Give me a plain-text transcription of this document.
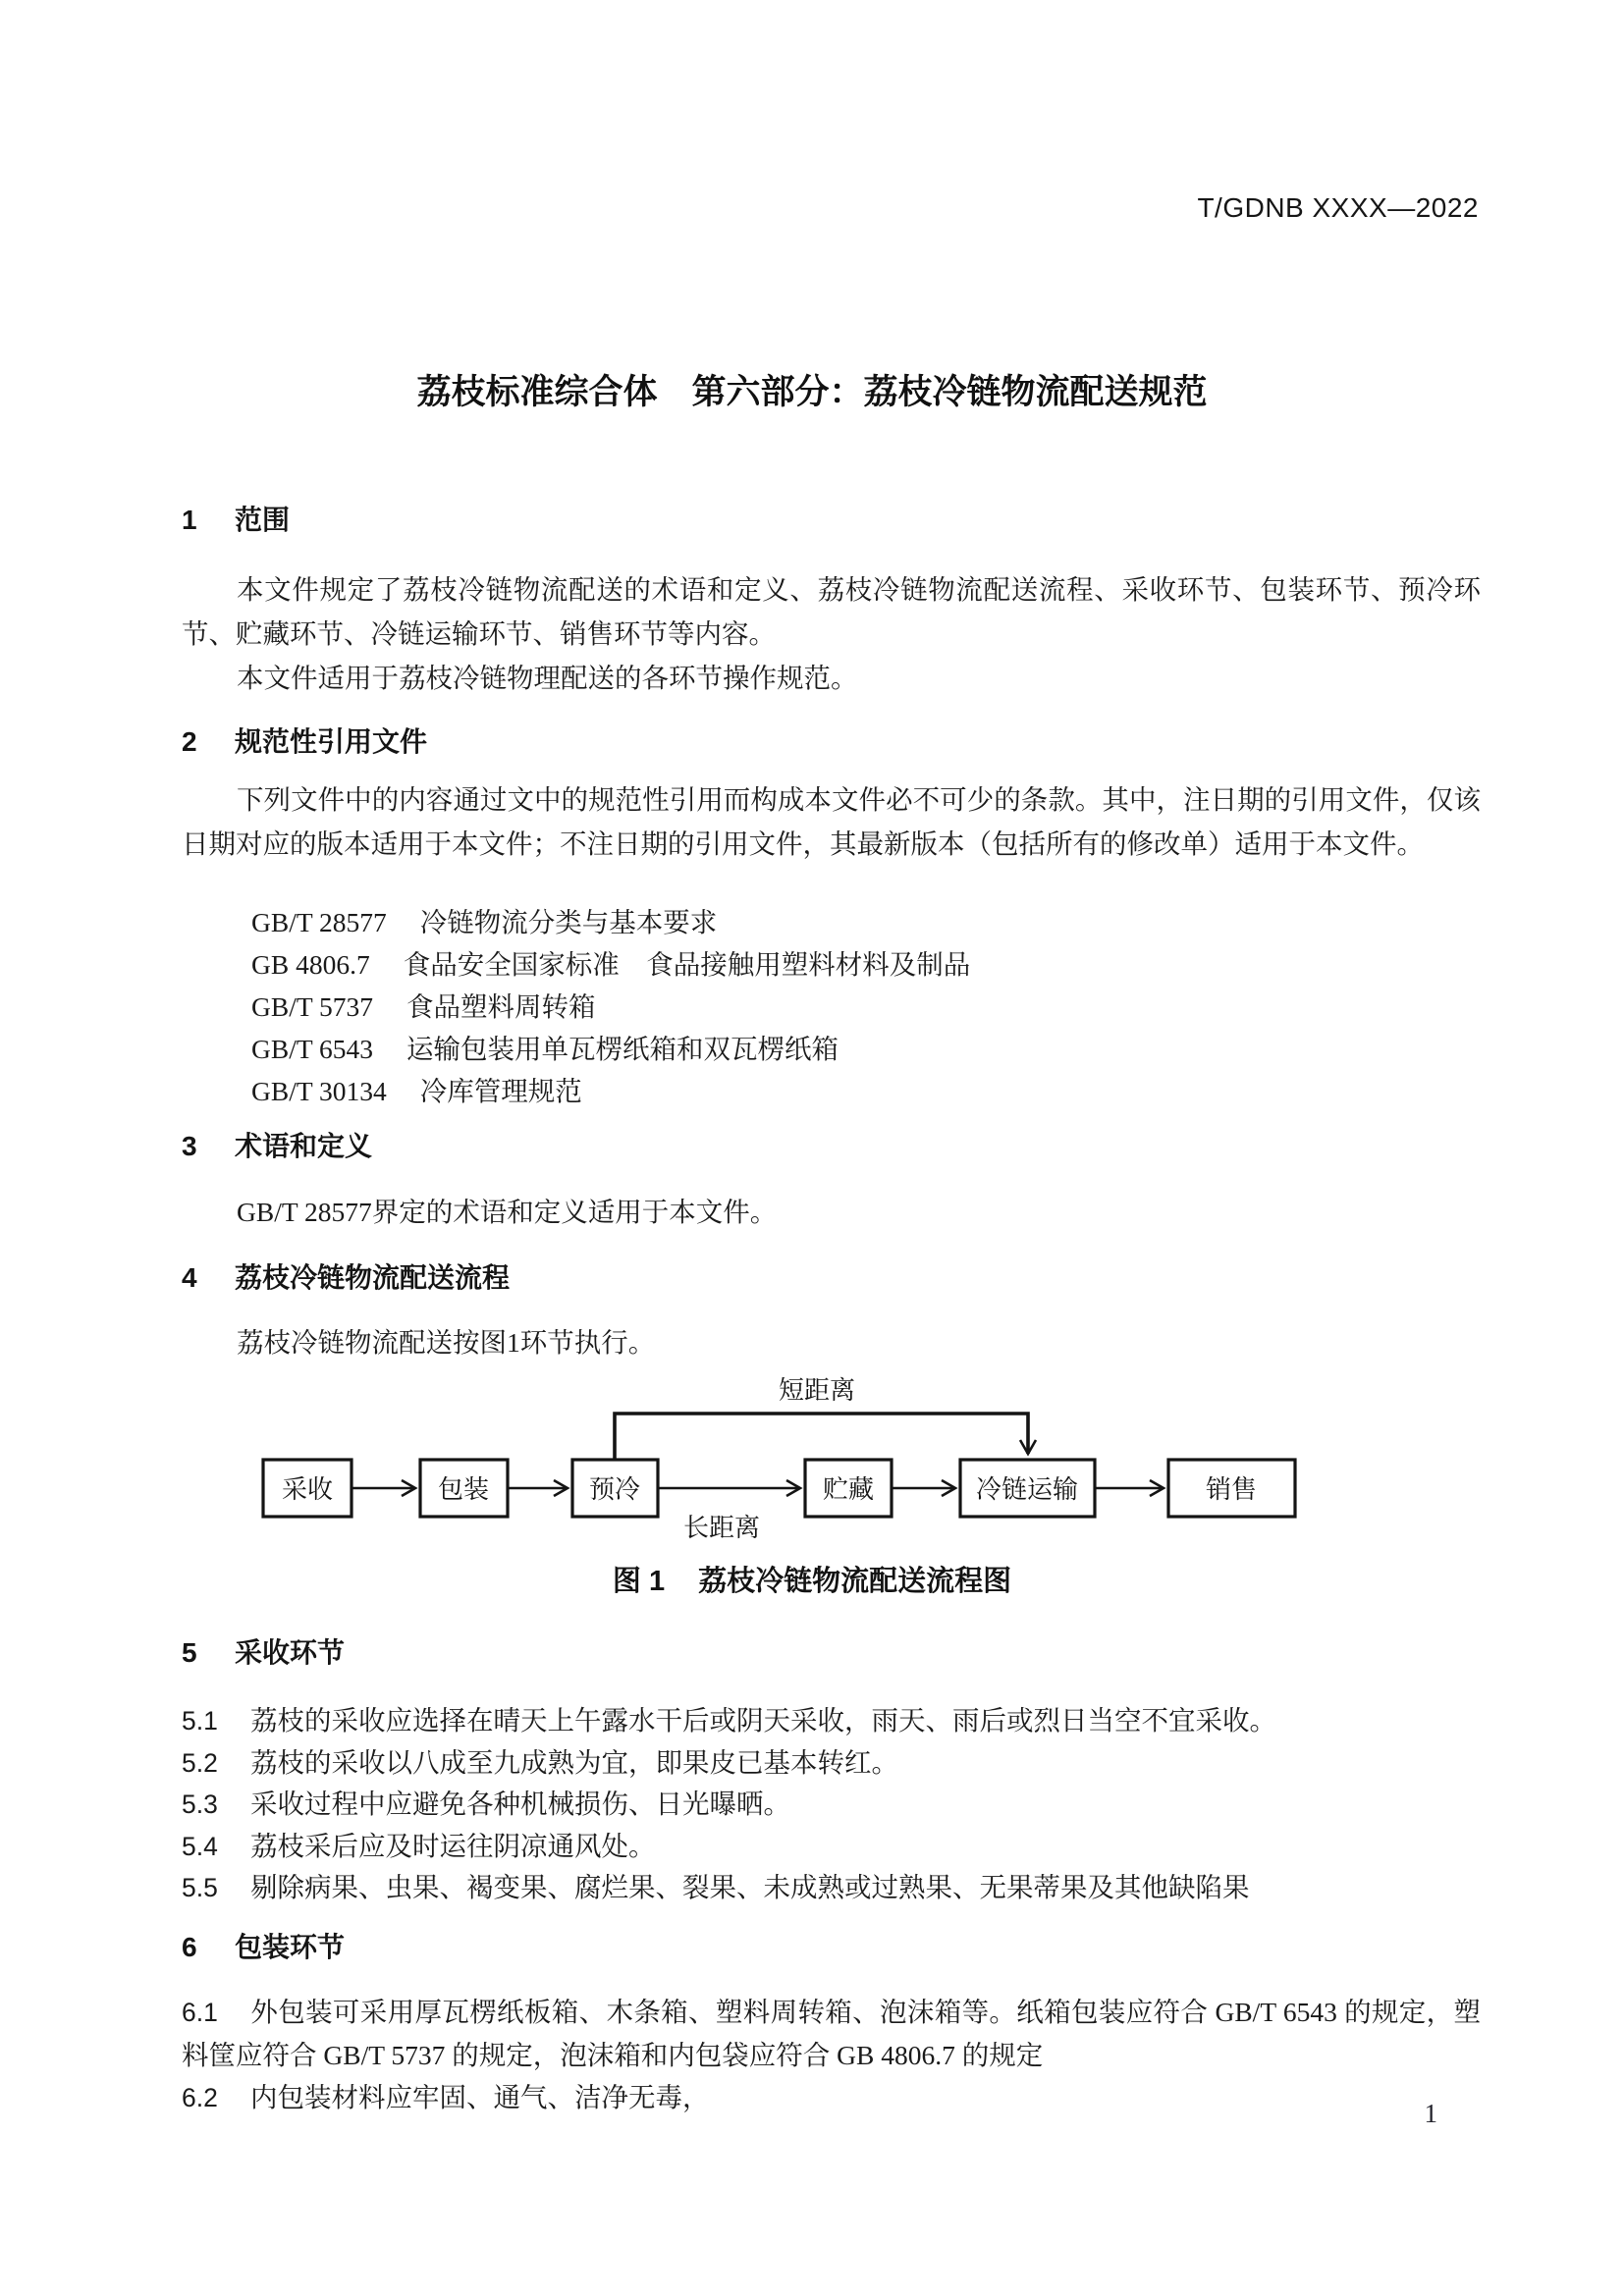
T/GDNB XXXX—2022
荔枝标准综合体　第六部分：荔枝冷链物流配送规范
1 范围

本文件规定了荔枝冷链物流配送的术语和定义、荔枝冷链物流配送流程、采收环节、包装环节、预冷环节、贮藏环节、冷链运输环节、销售环节等内容。

本文件适用于荔枝冷链物理配送的各环节操作规范。

2 规范性引用文件

下列文件中的内容通过文中的规范性引用而构成本文件必不可少的条款。其中，注日期的引用文件，仅该日期对应的版本适用于本文件；不注日期的引用文件，其最新版本（包括所有的修改单）适用于本文件。

GB/T 28577 冷链物流分类与基本要求
GB 4806.7 食品安全国家标准　食品接触用塑料材料及制品
GB/T 5737 食品塑料周转箱
GB/T 6543 运输包装用单瓦楞纸箱和双瓦楞纸箱
GB/T 30134 冷库管理规范
3 术语和定义

GB/T 28577界定的术语和定义适用于本文件。

4 荔枝冷链物流配送流程

荔枝冷链物流配送按图1环节执行。

短距离
采收	包装	预冷	贮藏	冷链运输	销售
长距离
图 1 荔枝冷链物流配送流程图
5 采收环节

5.1 荔枝的采收应选择在晴天上午露水干后或阴天采收，雨天、雨后或烈日当空不宜采收。

5.2 荔枝的采收以八成至九成熟为宜，即果皮已基本转红。

5.3 采收过程中应避免各种机械损伤、日光曝晒。

5.4 荔枝采后应及时运往阴凉通风处。

5.5 剔除病果、虫果、褐变果、腐烂果、裂果、未成熟或过熟果、无果蒂果及其他缺陷果

6 包装环节

6.1 外包装可采用厚瓦楞纸板箱、木条箱、塑料周转箱、泡沫箱等。纸箱包装应符合 GB/T 6543 的规定，塑料筐应符合 GB/T 5737 的规定，泡沫箱和内包袋应符合 GB 4806.7 的规定

6.2 内包装材料应牢固、通气、洁净无毒，

1
